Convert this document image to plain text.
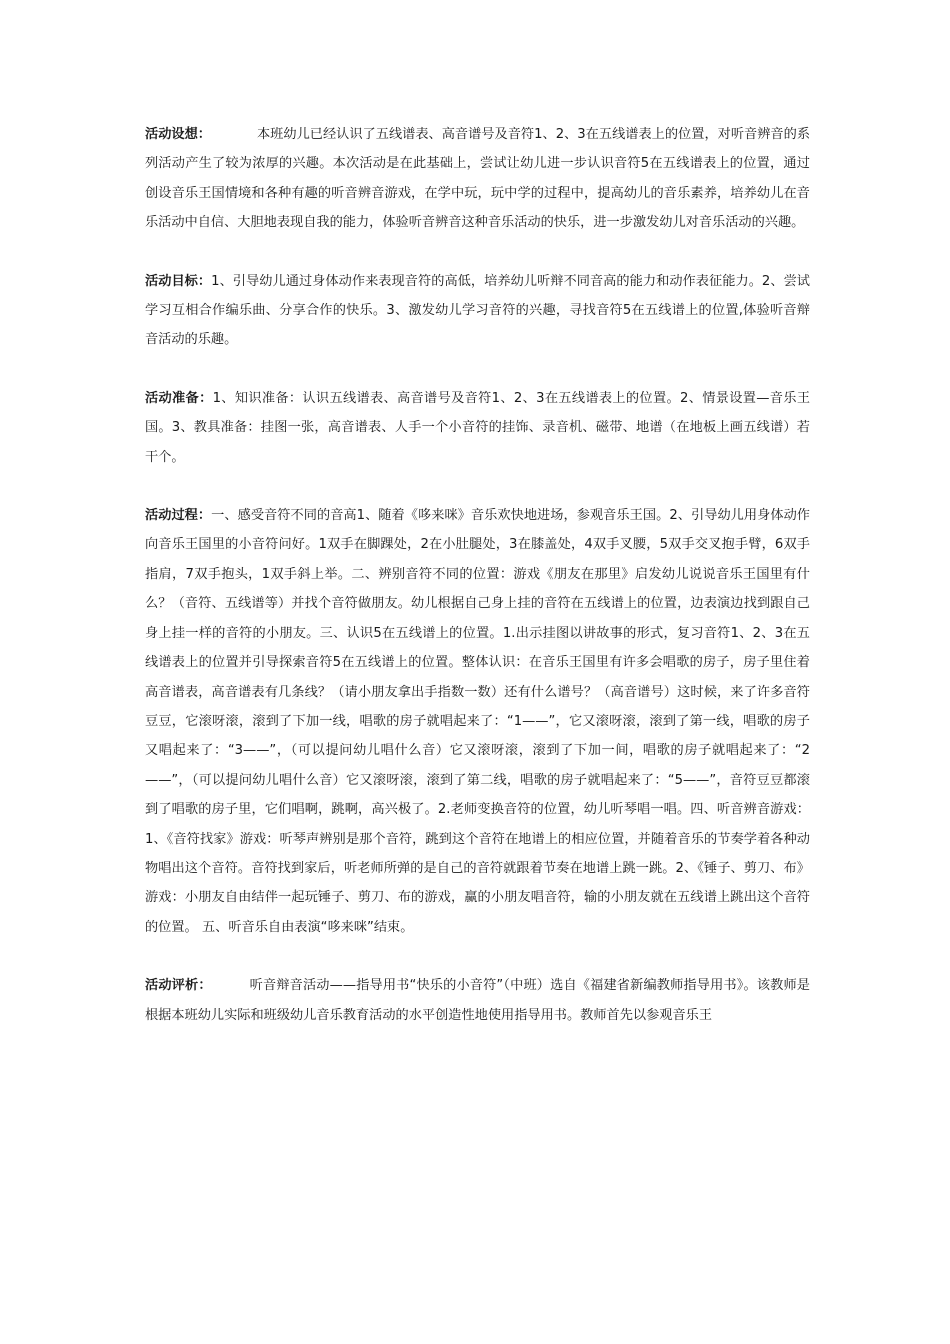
活动设想：	本班幼儿已经认识了五线谱表、高音谱号及音符1、2、3在五线谱表上的位置，对听音辨音的系列活动产生了较为浓厚的兴趣。本次活动是在此基础上，尝试让幼儿进一步认识音符5在五线谱表上的位置，通过创设音乐王国情境和各种有趣的听音辨音游戏，在学中玩，玩中学的过程中，提高幼儿的音乐素养，培养幼儿在音乐活动中自信、大胆地表现自我的能力，体验听音辨音这种音乐活动的快乐，进一步激发幼儿对音乐活动的兴趣。

活动目标：1、引导幼儿通过身体动作来表现音符的高低，培养幼儿听辩不同音高的能力和动作表征能力。2、尝试学习互相合作编乐曲、分享合作的快乐。3、激发幼儿学习音符的兴趣，寻找音符5在五线谱上的位置,体验听音辩音活动的乐趣。

活动准备：1、知识准备：认识五线谱表、高音谱号及音符1、2、3在五线谱表上的位置。2、情景设置—音乐王国。3、教具准备：挂图一张，高音谱表、人手一个小音符的挂饰、录音机、磁带、地谱（在地板上画五线谱）若干个。

活动过程：一、感受音符不同的音高1、随着《哆来咪》音乐欢快地进场，参观音乐王国。2、引导幼儿用身体动作向音乐王国里的小音符问好。1双手在脚踝处，2在小肚腿处，3在膝盖处，4双手叉腰，5双手交叉抱手臂，6双手指肩，7双手抱头，1双手斜上举。二、辨别音符不同的位置：游戏《朋友在那里》启发幼儿说说音乐王国里有什么？（音符、五线谱等）并找个音符做朋友。幼儿根据自己身上挂的音符在五线谱上的位置，边表演边找到跟自己身上挂一样的音符的小朋友。三、认识5在五线谱上的位置。1.出示挂图以讲故事的形式，复习音符1、2、3在五线谱表上的位置并引导探索音符5在五线谱上的位置。整体认识：在音乐王国里有许多会唱歌的房子，房子里住着高音谱表，高音谱表有几条线？（请小朋友拿出手指数一数）还有什么谱号？（高音谱号）这时候，来了许多音符豆豆，它滚呀滚，滚到了下加一线，唱歌的房子就唱起来了：“1——”，它又滚呀滚，滚到了第一线，唱歌的房子又唱起来了：“3——”，（可以提问幼儿唱什么音）它又滚呀滚，滚到了下加一间，唱歌的房子就唱起来了：“2——”，（可以提问幼儿唱什么音）它又滚呀滚，滚到了第二线，唱歌的房子就唱起来了：“5——”，音符豆豆都滚到了唱歌的房子里，它们唱啊，跳啊，高兴极了。2.老师变换音符的位置，幼儿听琴唱一唱。四、听音辨音游戏：1、《音符找家》游戏：听琴声辨别是那个音符，跳到这个音符在地谱上的相应位置，并随着音乐的节奏学着各种动物唱出这个音符。音符找到家后，听老师所弹的是自己的音符就跟着节奏在地谱上跳一跳。2、《锤子、剪刀、布》游戏：小朋友自由结伴一起玩锤子、剪刀、布的游戏，赢的小朋友唱音符，输的小朋友就在五线谱上跳出这个音符的位置。 五、听音乐自由表演“哆来咪”结束。

活动评析：	听音辩音活动——指导用书“快乐的小音符”（中班）选自《福建省新编教师指导用书》。该教师是根据本班幼儿实际和班级幼儿音乐教育活动的水平创造性地使用指导用书。教师首先以参观音乐王
